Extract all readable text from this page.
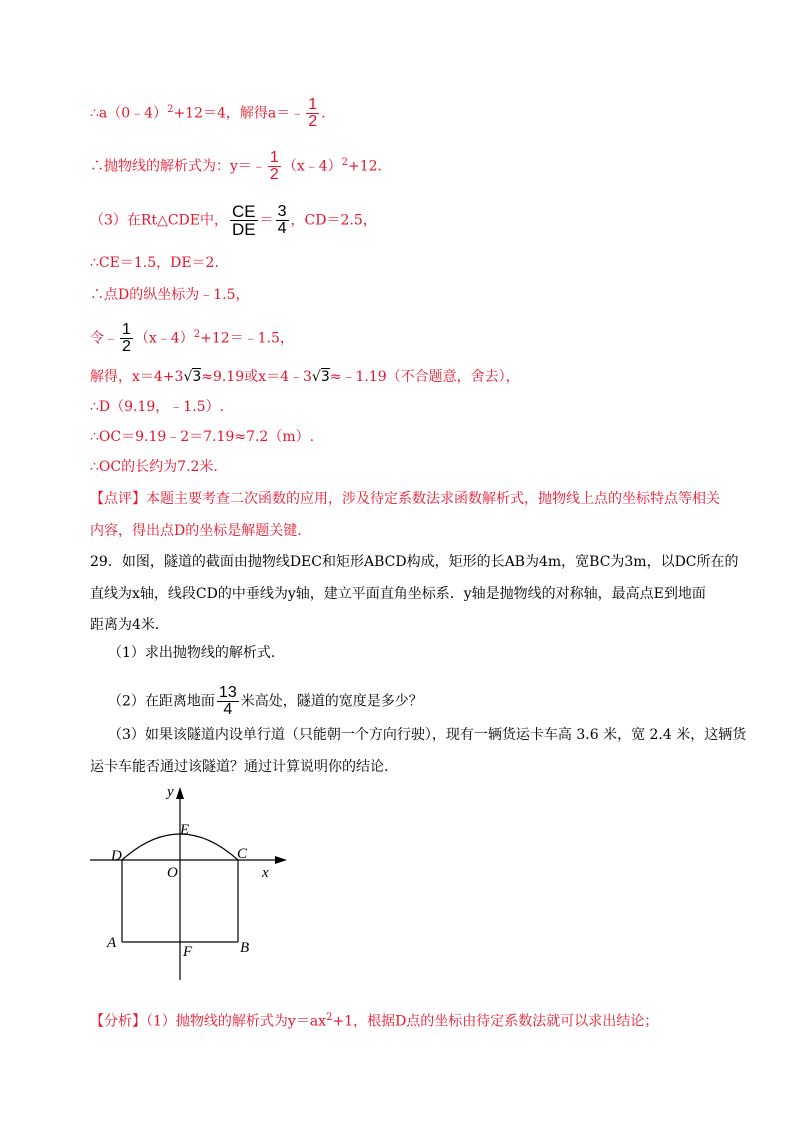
∴a（0﹣4）$^2$+12＝4，解得a＝﹣ $\frac{1}{2}$ .
∴抛物线的解析式为：y＝﹣ $\frac{1}{2}$ （x﹣4）$^2$+12.
（3）在Rt△CDE中， $\frac{CE}{DE} = \frac{3}{4}$ ，CD＝2.5，
∴CE＝1.5，DE＝2.
∴点D的纵坐标为﹣1.5，
令﹣ $\frac{1}{2}$ （x﹣4）$^2$+12＝﹣1.5，
解得，x＝4+3√3≈9.19或x＝4﹣3√3≈﹣1.19（不合题意，舍去），
∴D（9.19，﹣1.5）.
∴OC＝9.19﹣2＝7.19≈7.2（m）.
∴OC的长约为7.2米.
【点评】本题主要考查二次函数的应用，涉及待定系数法求函数解析式，抛物线上点的坐标特点等相关
内容，得出点D的坐标是解题关键.
29．如图，隧道的截面由抛物线DEC和矩形ABCD构成，矩形的长AB为4m，宽BC为3m，以DC所在的
直线为x轴，线段CD的中垂线为y轴，建立平面直角坐标系．y轴是抛物线的对称轴，最高点E到地面
距离为4米．
（1）求出抛物线的解析式．
（2）在距离地面 $\frac{13}{4}$ 米高处，隧道的宽度是多少？
（3）如果该隧道内设单行道（只能朝一个方向行驶），现有一辆货运卡车高 3.6 米，宽 2.4 米，这辆货
运卡车能否通过该隧道？通过计算说明你的结论.
y
x
E
D	C
O
A	B
F
【分析】（1）抛物线的解析式为$y=ax^2+1$，根据D点的坐标由待定系数法就可以求出结论；
